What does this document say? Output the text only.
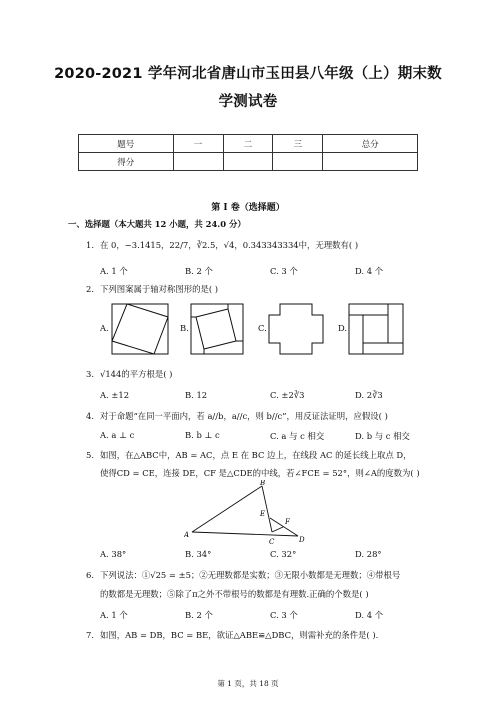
2020-2021 学年河北省唐山市玉田县八年级（上）期末数
学测试卷
题号	一	二	三	总分
得分				
第 I 卷（选择题）
一、选择题（本大题共 12 小题，共 24.0 分）
1. 在 0，−3.1415，22/7，∛2.5，√4，0.343343334中，无理数有( )
A. 1 个	B. 2 个	C. 3 个	D. 4 个
2. 下列图案属于轴对称图形的是( )
A.	B.	C.	D.
3. √144的平方根是( )
A. ±12	B. 12	C. ±2∛3	D. 2∛3
4. 对于命题“在同一平面内，若 a//b，a//c，则 b//c”，用反证法证明，应假设( )
A. a ⊥ c	B. b ⊥ c	C. a 与 c 相交	D. b 与 c 相交
5. 如图，在△ABC中，AB = AC，点 E 在 BC 边上，在线段 AC 的延长线上取点 D，
使得CD = CE，连接 DE，CF 是△CDE的中线，若∠FCE = 52°，则∠A的度数为( )
B
E
F
A
C	D
A. 38°	B. 34°	C. 32°	D. 28°
6. 下列说法：①√25 = ±5；②无理数都是实数；③无限小数都是无理数；④带根号
的数都是无理数；⑤除了π之外不带根号的数都是有理数.正确的个数是( )
A. 1 个	B. 2 个	C. 3 个	D. 4 个
7. 如图，AB = DB，BC = BE，欲证△ABE≌△DBC，则需补充的条件是( ).
第 1 页，共 18 页
